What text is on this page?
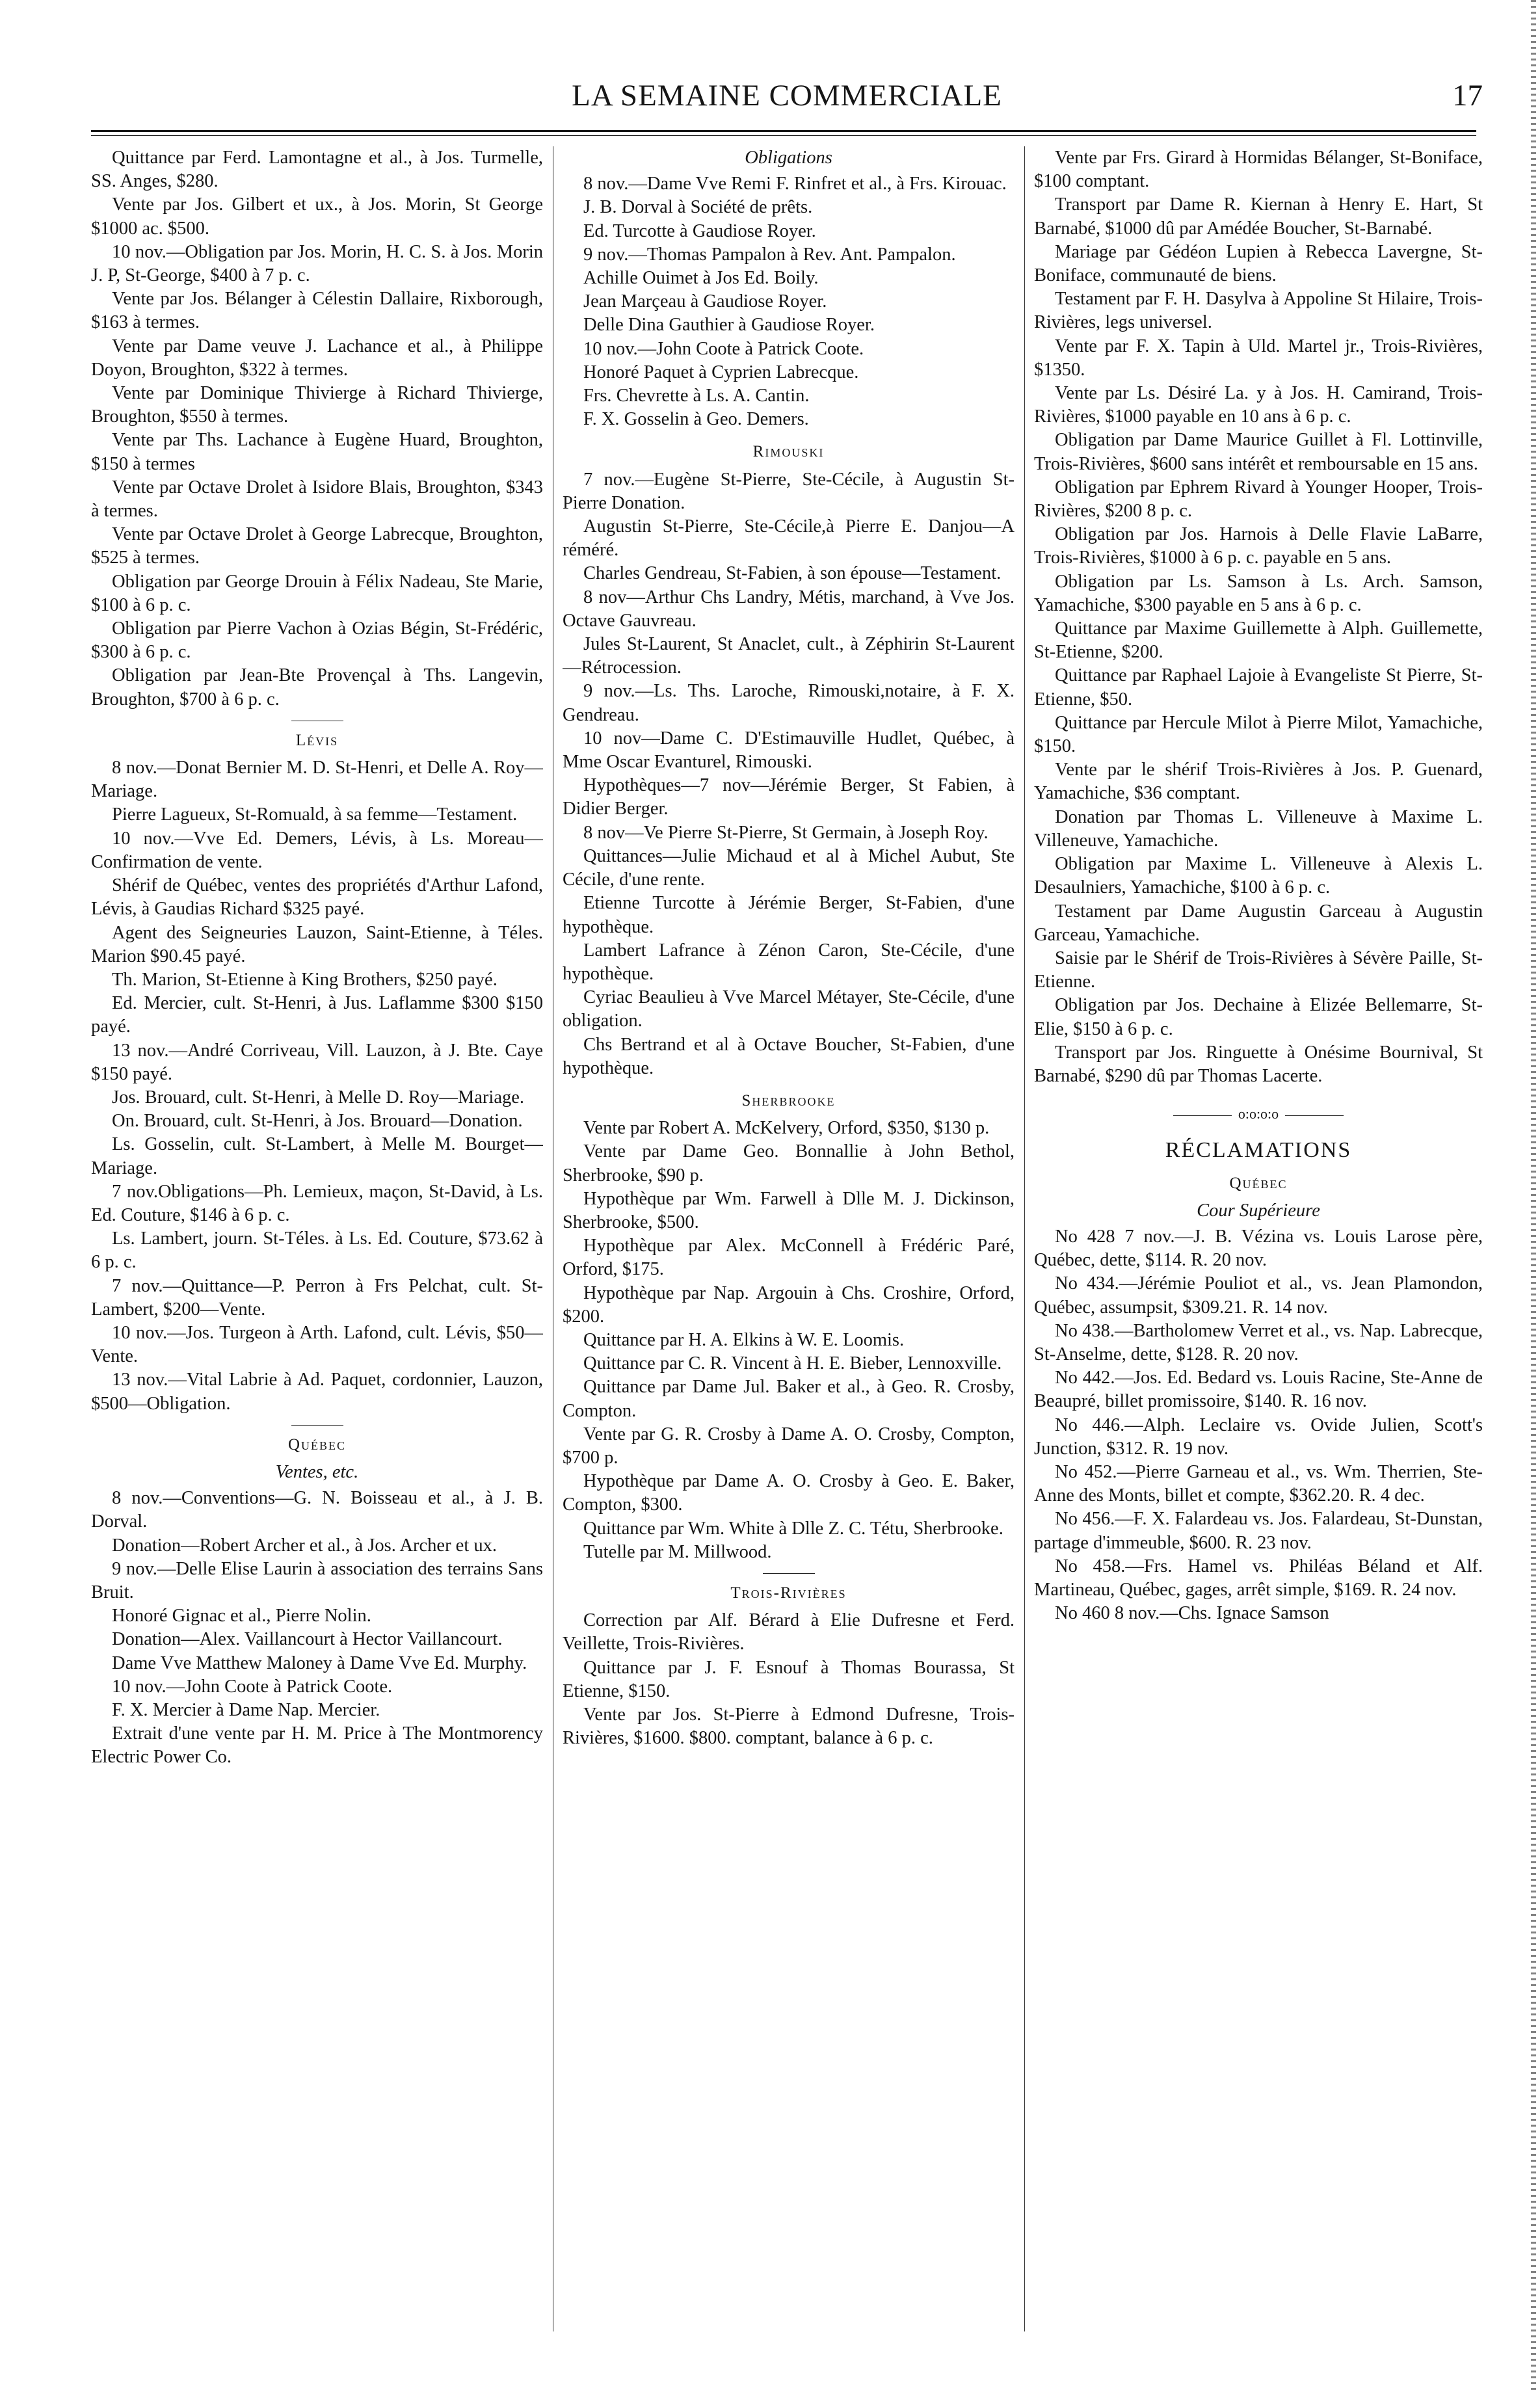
LA SEMAINE COMMERCIALE	17

Quittance par Ferd. Lamontagne et al., à Jos. Turmelle, SS. Anges, $280.

Vente par Jos. Gilbert et ux., à Jos. Morin, St George $1000 ac. $500.

10 nov.—Obligation par Jos. Morin, H. C. S. à Jos. Morin J. P, St-George, $400 à 7 p. c.

Vente par Jos. Bélanger à Célestin Dallaire, Rixborough, $163 à termes.

Vente par Dame veuve J. Lachance et al., à Philippe Doyon, Broughton, $322 à termes.

Vente par Dominique Thivierge à Richard Thivierge, Broughton, $550 à termes.

Vente par Ths. Lachance à Eugène Huard, Broughton, $150 à termes

Vente par Octave Drolet à Isidore Blais, Broughton, $343 à termes.

Vente par Octave Drolet à George Labrecque, Broughton, $525 à termes.

Obligation par George Drouin à Félix Nadeau, Ste Marie, $100 à 6 p. c.

Obligation par Pierre Vachon à Ozias Bégin, St-Frédéric, $300 à 6 p. c.

Obligation par Jean-Bte Provençal à Ths. Langevin, Broughton, $700 à 6 p. c.

Lévis

8 nov.—Donat Bernier M. D. St-Henri, et Delle A. Roy—Mariage.

Pierre Lagueux, St-Romuald, à sa femme—Testament.

10 nov.—Vve Ed. Demers, Lévis, à Ls. Moreau—Confirmation de vente.

Shérif de Québec, ventes des propriétés d'Arthur Lafond, Lévis, à Gaudias Richard $325 payé.

Agent des Seigneuries Lauzon, Saint-Etienne, à Téles. Marion $90.45 payé.

Th. Marion, St-Etienne à King Brothers, $250 payé.

Ed. Mercier, cult. St-Henri, à Jus. Laflamme $300 $150 payé.

13 nov.—André Corriveau, Vill. Lauzon, à J. Bte. Caye $150 payé.

Jos. Brouard, cult. St-Henri, à Melle D. Roy—Mariage.

On. Brouard, cult. St-Henri, à Jos. Brouard—Donation.

Ls. Gosselin, cult. St-Lambert, à Melle M. Bourget—Mariage.

7 nov.Obligations—Ph. Lemieux, maçon, St-David, à Ls. Ed. Couture, $146 à 6 p. c.

Ls. Lambert, journ. St-Téles. à Ls. Ed. Couture, $73.62 à 6 p. c.

7 nov.—Quittance—P. Perron à Frs Pelchat, cult. St-Lambert, $200—Vente.

10 nov.—Jos. Turgeon à Arth. Lafond, cult. Lévis, $50—Vente.

13 nov.—Vital Labrie à Ad. Paquet, cordonnier, Lauzon, $500—Obligation.

Québec
Ventes, etc.

8 nov.—Conventions—G. N. Boisseau et al., à J. B. Dorval.

Donation—Robert Archer et al., à Jos. Archer et ux.

9 nov.—Delle Elise Laurin à association des terrains Sans Bruit.

Honoré Gignac et al., Pierre Nolin.

Donation—Alex. Vaillancourt à Hector Vaillancourt.

Dame Vve Matthew Maloney à Dame Vve Ed. Murphy.

10 nov.—John Coote à Patrick Coote.

F. X. Mercier à Dame Nap. Mercier.

Extrait d'une vente par H. M. Price à The Montmorency Electric Power Co.

Obligations

8 nov.—Dame Vve Remi F. Rinfret et al., à Frs. Kirouac.

J. B. Dorval à Société de prêts.

Ed. Turcotte à Gaudiose Royer.

9 nov.—Thomas Pampalon à Rev. Ant. Pampalon.

Achille Ouimet à Jos Ed. Boily.

Jean Marçeau à Gaudiose Royer.

Delle Dina Gauthier à Gaudiose Royer.

10 nov.—John Coote à Patrick Coote.

Honoré Paquet à Cyprien Labrecque.

Frs. Chevrette à Ls. A. Cantin.

F. X. Gosselin à Geo. Demers.

Rimouski

7 nov.—Eugène St-Pierre, Ste-Cécile, à Augustin St-Pierre Donation.

Augustin St-Pierre, Ste-Cécile,à Pierre E. Danjou—A réméré.

Charles Gendreau, St-Fabien, à son épouse—Testament.

8 nov—Arthur Chs Landry, Métis, marchand, à Vve Jos. Octave Gauvreau.

Jules St-Laurent, St Anaclet, cult., à Zéphirin St-Laurent—Rétrocession.

9 nov.—Ls. Ths. Laroche, Rimouski,notaire, à F. X. Gendreau.

10 nov—Dame C. D'Estimauville Hudlet, Québec, à Mme Oscar Evanturel, Rimouski.

Hypothèques—7 nov—Jérémie Berger, St Fabien, à Didier Berger.

8 nov—Ve Pierre St-Pierre, St Germain, à Joseph Roy.

Quittances—Julie Michaud et al à Michel Aubut, Ste Cécile, d'une rente.

Etienne Turcotte à Jérémie Berger, St-Fabien, d'une hypothèque.

Lambert Lafrance à Zénon Caron, Ste-Cécile, d'une hypothèque.

Cyriac Beaulieu à Vve Marcel Métayer, Ste-Cécile, d'une obligation.

Chs Bertrand et al à Octave Boucher, St-Fabien, d'une hypothèque.

Sherbrooke

Vente par Robert A. McKelvery, Orford, $350, $130 p.

Vente par Dame Geo. Bonnallie à John Bethol, Sherbrooke, $90 p.

Hypothèque par Wm. Farwell à Dlle M. J. Dickinson, Sherbrooke, $500.

Hypothèque par Alex. McConnell à Frédéric Paré, Orford, $175.

Hypothèque par Nap. Argouin à Chs. Croshire, Orford, $200.

Quittance par H. A. Elkins à W. E. Loomis.

Quittance par C. R. Vincent à H. E. Bieber, Lennoxville.

Quittance par Dame Jul. Baker et al., à Geo. R. Crosby, Compton.

Vente par G. R. Crosby à Dame A. O. Crosby, Compton, $700 p.

Hypothèque par Dame A. O. Crosby à Geo. E. Baker, Compton, $300.

Quittance par Wm. White à Dlle Z. C. Tétu, Sherbrooke.

Tutelle par M. Millwood.

Trois-Rivières

Correction par Alf. Bérard à Elie Dufresne et Ferd. Veillette, Trois-Rivières.

Quittance par J. F. Esnouf à Thomas Bourassa, St Etienne, $150.

Vente par Jos. St-Pierre à Edmond Dufresne, Trois-Rivières, $1600. $800. comptant, balance à 6 p. c.

Vente par Frs. Girard à Hormidas Bélanger, St-Boniface, $100 comptant.

Transport par Dame R. Kiernan à Henry E. Hart, St Barnabé, $1000 dû par Amédée Boucher, St-Barnabé.

Mariage par Gédéon Lupien à Rebecca Lavergne, St-Boniface, communauté de biens.

Testament par F. H. Dasylva à Appoline St Hilaire, Trois-Rivières, legs universel.

Vente par F. X. Tapin à Uld. Martel jr., Trois-Rivières, $1350.

Vente par Ls. Désiré La. y à Jos. H. Camirand, Trois-Rivières, $1000 payable en 10 ans à 6 p. c.

Obligation par Dame Maurice Guillet à Fl. Lottinville, Trois-Rivières, $600 sans intérêt et remboursable en 15 ans.

Obligation par Ephrem Rivard à Younger Hooper, Trois-Rivières, $200 8 p. c.

Obligation par Jos. Harnois à Delle Flavie LaBarre, Trois-Rivières, $1000 à 6 p. c. payable en 5 ans.

Obligation par Ls. Samson à Ls. Arch. Samson, Yamachiche, $300 payable en 5 ans à 6 p. c.

Quittance par Maxime Guillemette à Alph. Guillemette, St-Etienne, $200.

Quittance par Raphael Lajoie à Evangeliste St Pierre, St-Etienne, $50.

Quittance par Hercule Milot à Pierre Milot, Yamachiche, $150.

Vente par le shérif Trois-Rivières à Jos. P. Guenard, Yamachiche, $36 comptant.

Donation par Thomas L. Villeneuve à Maxime L. Villeneuve, Yamachiche.

Obligation par Maxime L. Villeneuve à Alexis L. Desaulniers, Yamachiche, $100 à 6 p. c.

Testament par Dame Augustin Garceau à Augustin Garceau, Yamachiche.

Saisie par le Shérif de Trois-Rivières à Sévère Paille, St-Etienne.

Obligation par Jos. Dechaine à Elizée Bellemarre, St-Elie, $150 à 6 p. c.

Transport par Jos. Ringuette à Onésime Bournival, St Barnabé, $290 dû par Thomas Lacerte.

o:o:o:o
RÉCLAMATIONS
Québec
Cour Supérieure

No 428 7 nov.—J. B. Vézina vs. Louis Larose père, Québec, dette, $114. R. 20 nov.

No 434.—Jérémie Pouliot et al., vs. Jean Plamondon, Québec, assumpsit, $309.21. R. 14 nov.

No 438.—Bartholomew Verret et al., vs. Nap. Labrecque, St-Anselme, dette, $128. R. 20 nov.

No 442.—Jos. Ed. Bedard vs. Louis Racine, Ste-Anne de Beaupré, billet promissoire, $140. R. 16 nov.

No 446.—Alph. Leclaire vs. Ovide Julien, Scott's Junction, $312. R. 19 nov.

No 452.—Pierre Garneau et al., vs. Wm. Therrien, Ste-Anne des Monts, billet et compte, $362.20. R. 4 dec.

No 456.—F. X. Falardeau vs. Jos. Falardeau, St-Dunstan, partage d'immeuble, $600. R. 23 nov.

No 458.—Frs. Hamel vs. Philéas Béland et Alf. Martineau, Québec, gages, arrêt simple, $169. R. 24 nov.

No 460 8 nov.—Chs. Ignace Samson
